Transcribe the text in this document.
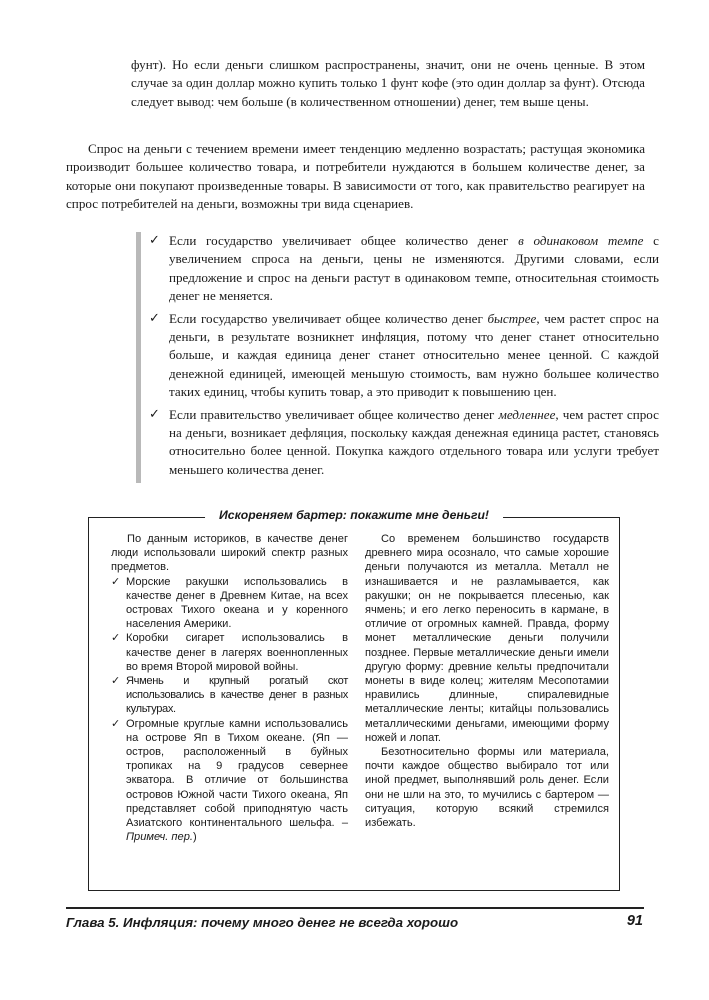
фунт). Но если деньги слишком распространены, значит, они не очень ценные. В этом случае за один доллар можно купить только 1 фунт кофе (это один доллар за фунт). Отсюда следует вывод: чем больше (в количественном отношении) денег, тем выше цены.

Спрос на деньги с течением времени имеет тенденцию медленно возрастать; растущая экономика производит большее количество товара, и потребители нуждаются в большем количестве денег, за которые они покупают произведенные товары. В зависимости от того, как правительство реагирует на спрос потребителей на деньги, возможны три вида сценариев.

✓ Если государство увеличивает общее количество денег в одинаковом темпе с увеличением спроса на деньги, цены не изменяются. Другими словами, если предложение и спрос на деньги растут в одинаковом темпе, относительная стоимость денег не меняется.
✓ Если государство увеличивает общее количество денег быстрее, чем растет спрос на деньги, в результате возникнет инфляция, потому что денег станет относительно больше, и каждая единица денег станет относительно менее ценной. С каждой денежной единицей, имеющей меньшую стоимость, вам нужно большее количество таких единиц, чтобы купить товар, а это приводит к повышению цен.
✓ Если правительство увеличивает общее количество денег медленнее, чем растет спрос на деньги, возникает дефляция, поскольку каждая денежная единица растет, становясь относительно более ценной. Покупка каждого отдельного товара или услуги требует меньшего количества денег.
Искореняем бартер: покажите мне деньги!

По данным историков, в качестве денег люди использовали широкий спектр разных предметов.

✓ Морские ракушки использовались в качестве денег в Древнем Китае, на всех островах Тихого океана и у коренного населения Америки.
✓ Коробки сигарет использовались в качестве денег в лагерях военнопленных во время Второй мировой войны.
✓ Ячмень и крупный рогатый скот использовались в качестве денег в разных культурах.
✓ Огромные круглые камни использовались на острове Яп в Тихом океане. (Яп — остров, расположенный в буйных тропиках на 9 градусов севернее экватора. В отличие от большинства островов Южной части Тихого океана, Яп представляет собой приподнятую часть Азиатского континентального шельфа. – Примеч. пер.)

Со временем большинство государств древнего мира осознало, что самые хорошие деньги получаются из металла. Металл не изнашивается и не разламывается, как ракушки; он не покрывается плесенью, как ячмень; и его легко переносить в кармане, в отличие от огромных камней. Правда, форму монет металлические деньги получили позднее. Первые металлические деньги имели другую форму: древние кельты предпочитали монеты в виде колец; жителям Месопотамии нравились длинные, спиралевидные металлические ленты; китайцы пользовались металлическими деньгами, имеющими форму ножей и лопат.

Безотносительно формы или материала, почти каждое общество выбирало тот или иной предмет, выполнявший роль денег. Если они не шли на это, то мучились с бартером — ситуация, которую всякий стремился избежать.

Глава 5. Инфляция: почему много денег не всегда хорошо	91
